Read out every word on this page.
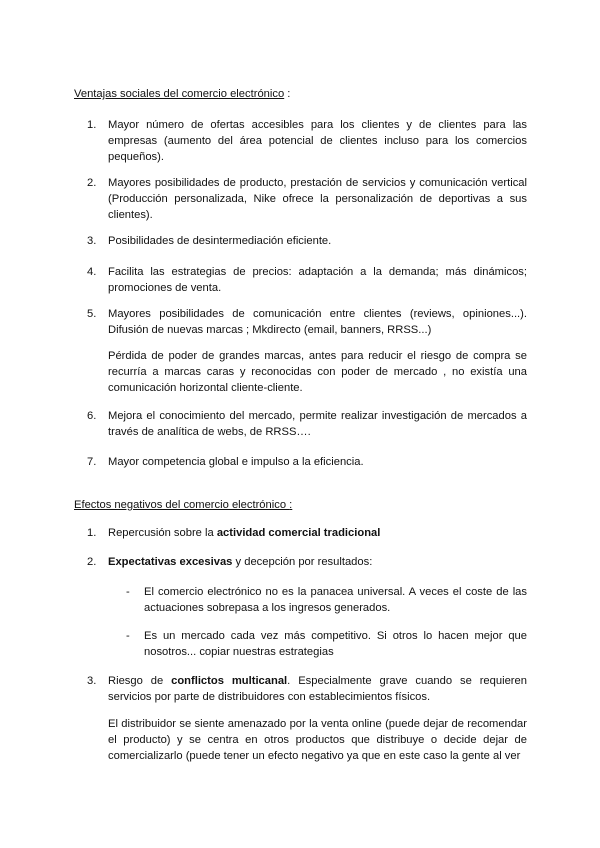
Ventajas sociales del comercio electrónico :
1. Mayor número de ofertas accesibles para los clientes y de clientes para las empresas (aumento del área potencial de clientes incluso para los comercios pequeños).
2. Mayores posibilidades de producto, prestación de servicios y comunicación vertical (Producción personalizada, Nike ofrece la personalización de deportivas a sus clientes).
3. Posibilidades de desintermediación eficiente.
4. Facilita las estrategias de precios: adaptación a la demanda; más dinámicos; promociones de venta.
5. Mayores posibilidades de comunicación entre clientes (reviews, opiniones...). Difusión de nuevas marcas ; Mkdirecto (email, banners, RRSS...)
Pérdida de poder de grandes marcas, antes para reducir el riesgo de compra se recurría a marcas caras y reconocidas con poder de mercado , no existía una comunicación horizontal cliente-cliente.
6. Mejora el conocimiento del mercado, permite realizar investigación de mercados a través de analítica de webs, de RRSS….
7. Mayor competencia global e impulso a la eficiencia.
Efectos negativos del comercio electrónico :
1. Repercusión sobre la actividad comercial tradicional
2. Expectativas excesivas y decepción por resultados:
- El comercio electrónico no es la panacea universal. A veces el coste de las actuaciones sobrepasa a los ingresos generados.
- Es un mercado cada vez más competitivo. Si otros lo hacen mejor que nosotros... copiar nuestras estrategias
3. Riesgo de conflictos multicanal. Especialmente grave cuando se requieren servicios por parte de distribuidores con establecimientos físicos.
El distribuidor se siente amenazado por la venta online (puede dejar de recomendar el producto) y se centra en otros productos que distribuye o decide dejar de comercializarlo (puede tener un efecto negativo ya que en este caso la gente al ver
